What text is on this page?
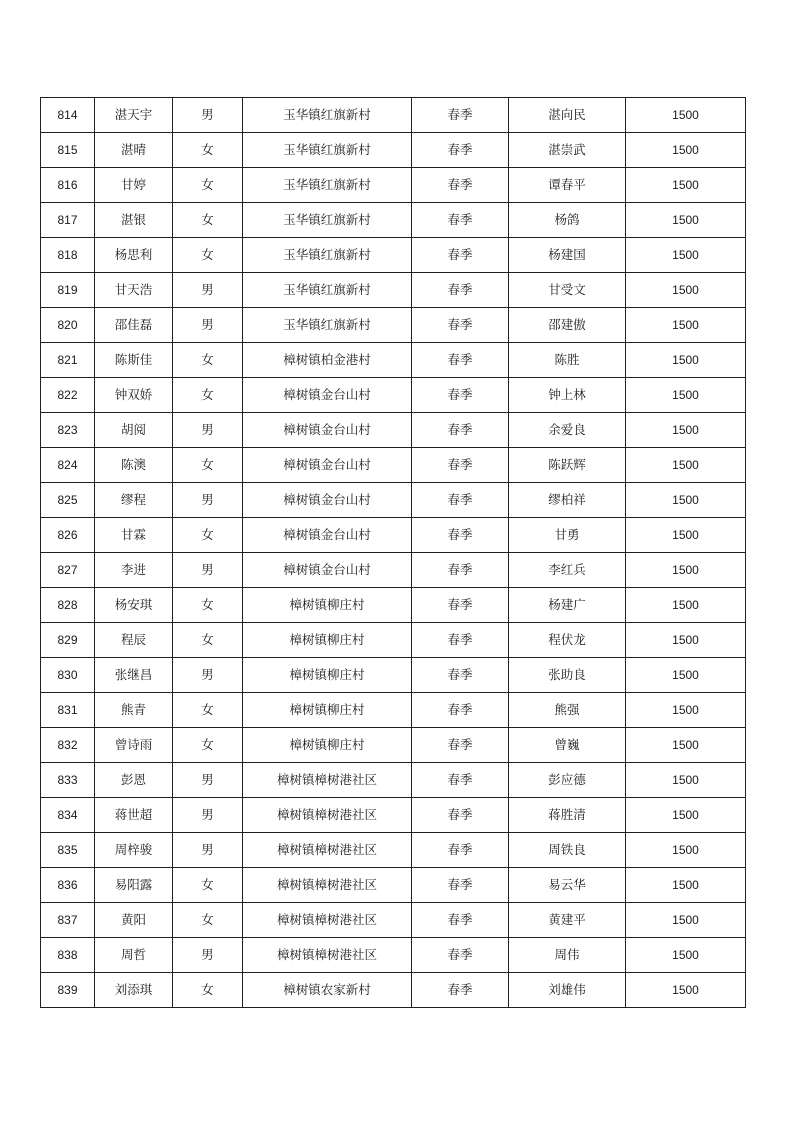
814	湛天宇	男	玉华镇红旗新村	春季	湛向民	1500
815	湛晴	女	玉华镇红旗新村	春季	湛崇武	1500
816	甘婷	女	玉华镇红旗新村	春季	谭春平	1500
817	湛银	女	玉华镇红旗新村	春季	杨鸽	1500
818	杨思利	女	玉华镇红旗新村	春季	杨建国	1500
819	甘天浩	男	玉华镇红旗新村	春季	甘受文	1500
820	邵佳磊	男	玉华镇红旗新村	春季	邵建傲	1500
821	陈斯佳	女	樟树镇柏金港村	春季	陈胜	1500
822	钟双娇	女	樟树镇金台山村	春季	钟上林	1500
823	胡阅	男	樟树镇金台山村	春季	余爱良	1500
824	陈澳	女	樟树镇金台山村	春季	陈跃辉	1500
825	缪程	男	樟树镇金台山村	春季	缪柏祥	1500
826	甘霖	女	樟树镇金台山村	春季	甘勇	1500
827	李进	男	樟树镇金台山村	春季	李红兵	1500
828	杨安琪	女	樟树镇柳庄村	春季	杨建广	1500
829	程辰	女	樟树镇柳庄村	春季	程伏龙	1500
830	张继昌	男	樟树镇柳庄村	春季	张助良	1500
831	熊青	女	樟树镇柳庄村	春季	熊强	1500
832	曾诗雨	女	樟树镇柳庄村	春季	曾巍	1500
833	彭恩	男	樟树镇樟树港社区	春季	彭应德	1500
834	蒋世超	男	樟树镇樟树港社区	春季	蒋胜清	1500
835	周梓骏	男	樟树镇樟树港社区	春季	周铁良	1500
836	易阳露	女	樟树镇樟树港社区	春季	易云华	1500
837	黄阳	女	樟树镇樟树港社区	春季	黄建平	1500
838	周哲	男	樟树镇樟树港社区	春季	周伟	1500
839	刘添琪	女	樟树镇农家新村	春季	刘雄伟	1500
